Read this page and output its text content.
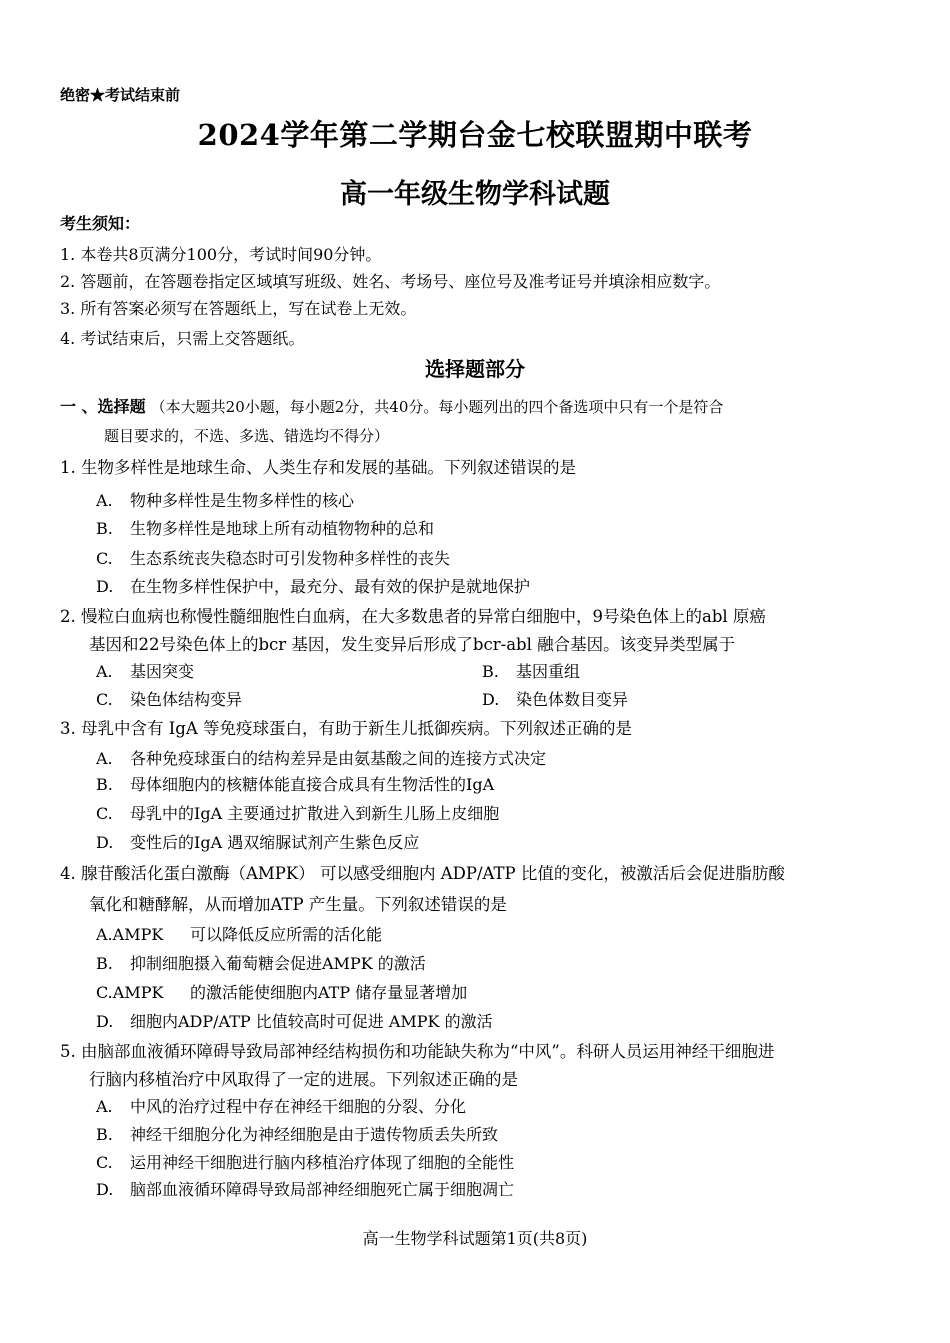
绝密★考试结束前
2024学年第二学期台金七校联盟期中联考
高一年级生物学科试题
考生须知：
1. 本卷共8页满分100分，考试时间90分钟。
2. 答题前，在答题卷指定区域填写班级、姓名、考场号、座位号及准考证号并填涂相应数字。
3. 所有答案必须写在答题纸上，写在试卷上无效。
4. 考试结束后，只需上交答题纸。
选择题部分
一 、选择题 （本大题共20小题，每小题2分，共40分。每小题列出的四个备选项中只有一个是符合
题目要求的，不选、多选、错选均不得分）
1. 生物多样性是地球生命、人类生存和发展的基础。下列叙述错误的是
A. 物种多样性是生物多样性的核心
B. 生物多样性是地球上所有动植物物种的总和
C. 生态系统丧失稳态时可引发物种多样性的丧失
D. 在生物多样性保护中，最充分、最有效的保护是就地保护
2. 慢粒白血病也称慢性髓细胞性白血病，在大多数患者的异常白细胞中，9号染色体上的abl 原癌
基因和22号染色体上的bcr 基因，发生变异后形成了bcr-abl 融合基因。该变异类型属于
A. 基因突变	B. 基因重组
C. 染色体结构变异	D. 染色体数目变异
3. 母乳中含有 IgA 等免疫球蛋白，有助于新生儿抵御疾病。下列叙述正确的是
A. 各种免疫球蛋白的结构差异是由氨基酸之间的连接方式决定
B. 母体细胞内的核糖体能直接合成具有生物活性的IgA
C. 母乳中的IgA 主要通过扩散进入到新生儿肠上皮细胞
D. 变性后的IgA 遇双缩脲试剂产生紫色反应
4. 腺苷酸活化蛋白激酶（AMPK） 可以感受细胞内 ADP/ATP 比值的变化，被激活后会促进脂肪酸
氧化和糖酵解，从而增加ATP 产生量。下列叙述错误的是
A.AMPK 可以降低反应所需的活化能
B. 抑制细胞摄入葡萄糖会促进AMPK 的激活
C.AMPK 的激活能使细胞内ATP 储存量显著增加
D. 细胞内ADP/ATP 比值较高时可促进 AMPK 的激活
5. 由脑部血液循环障碍导致局部神经结构损伤和功能缺失称为“中风”。科研人员运用神经干细胞进
行脑内移植治疗中风取得了一定的进展。下列叙述正确的是
A. 中风的治疗过程中存在神经干细胞的分裂、分化
B. 神经干细胞分化为神经细胞是由于遗传物质丢失所致
C. 运用神经干细胞进行脑内移植治疗体现了细胞的全能性
D. 脑部血液循环障碍导致局部神经细胞死亡属于细胞凋亡
高一生物学科试题第1页(共8页)
